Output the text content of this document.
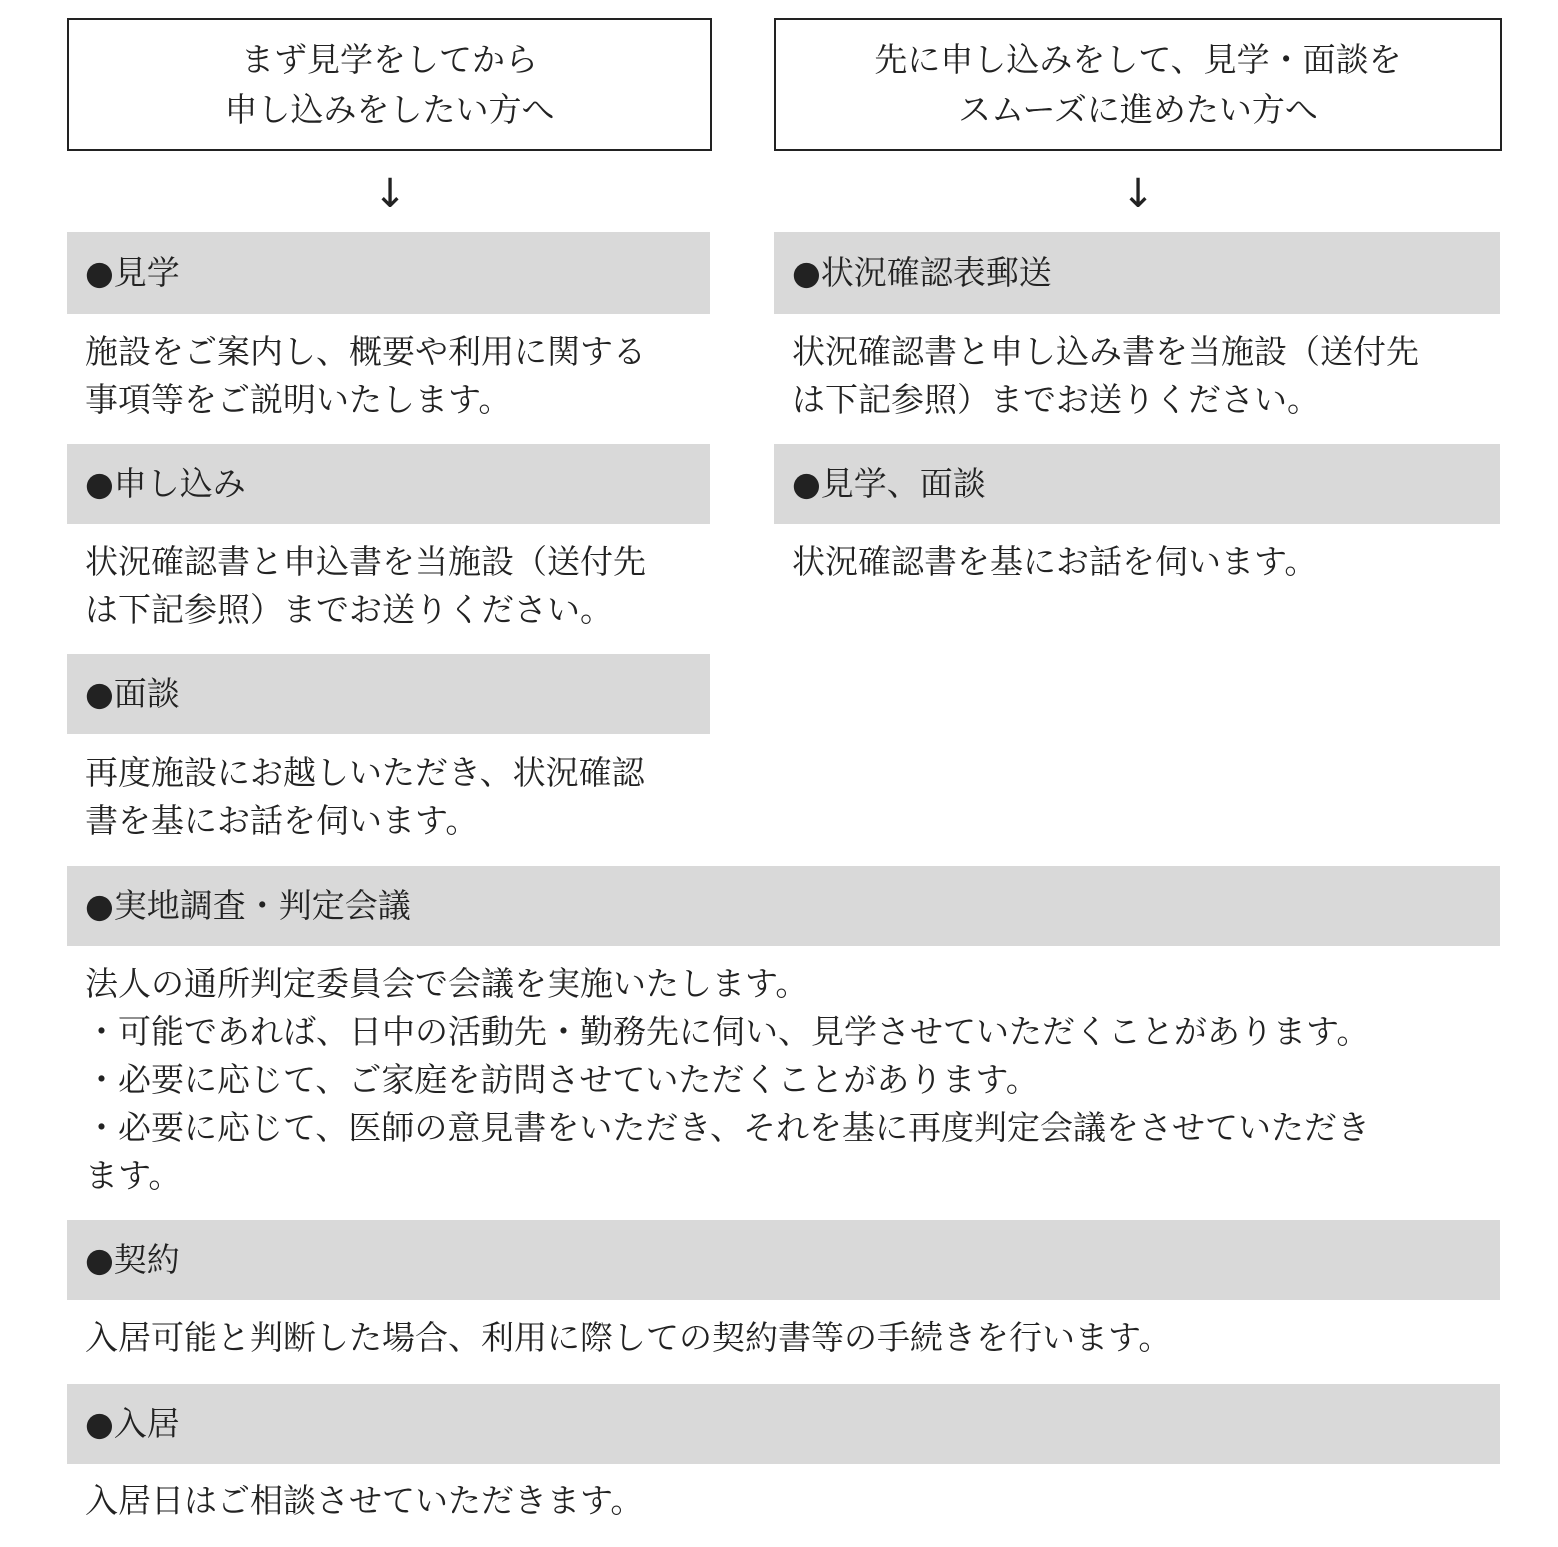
まず見学をしてから
申し込みをしたい方へ
先に申し込みをして、見学・面談を
スムーズに進めたい方へ
↓	↓
●見学
施設をご案内し、概要や利用に関する
事項等をご説明いたします。
●申し込み
状況確認書と申込書を当施設（送付先
は下記参照）までお送りください。
●面談
再度施設にお越しいただき、状況確認
書を基にお話を伺います。
●状況確認表郵送
状況確認書と申し込み書を当施設（送付先
は下記参照）までお送りください。
●見学、面談
状況確認書を基にお話を伺います。
●実地調査・判定会議
法人の通所判定委員会で会議を実施いたします。
・可能であれば、日中の活動先・勤務先に伺い、見学させていただくことがあります。
・必要に応じて、ご家庭を訪問させていただくことがあります。
・必要に応じて、医師の意見書をいただき、それを基に再度判定会議をさせていただき
ます。
●契約
入居可能と判断した場合、利用に際しての契約書等の手続きを行います。
●入居
入居日はご相談させていただきます。
